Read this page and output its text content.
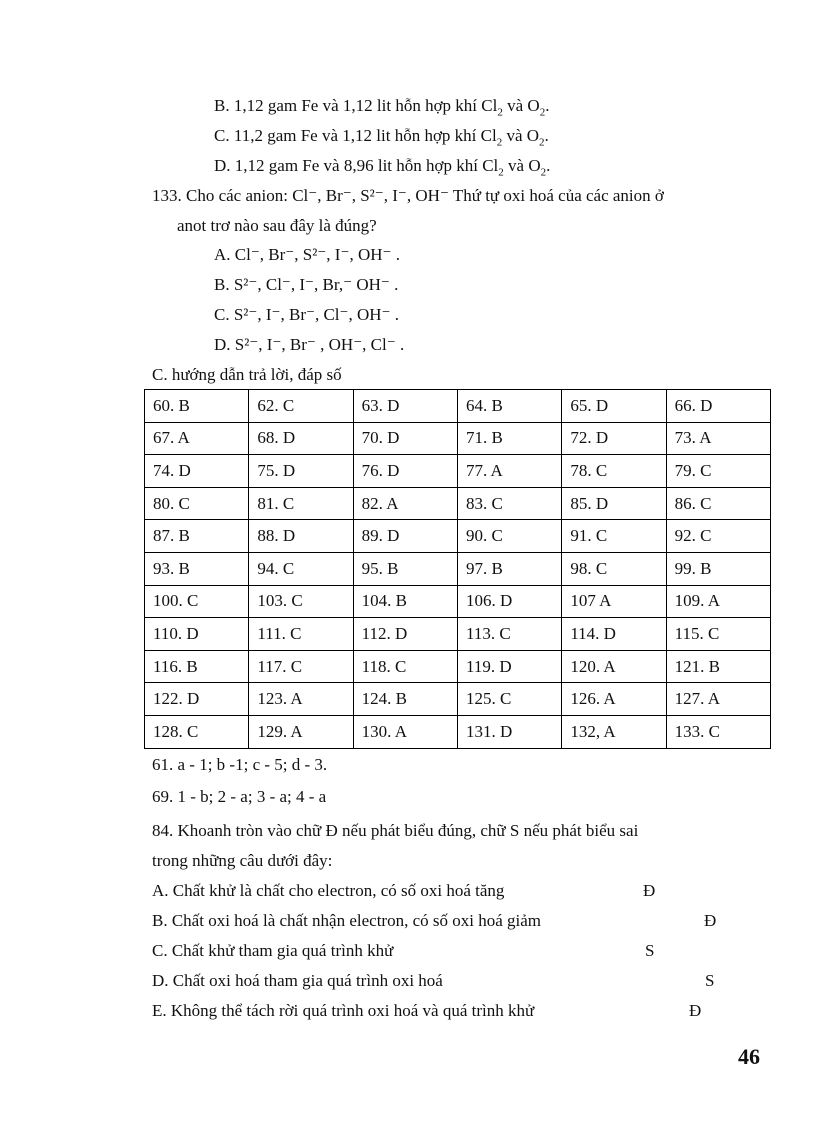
B. 1,12 gam Fe và 1,12 lit hỗn hợp khí $Cl_2$ và $O_2$.
C. 11,2 gam Fe và 1,12 lit hỗn hợp khí $Cl_2$ và $O_2$.
D. 1,12 gam Fe và 8,96 lit hỗn hợp khí $Cl_2$ và $O_2$.
133. Cho các anion: Cl⁻, Br⁻, S²⁻, I⁻, OH⁻ Thứ tự oxi hoá của các anion ở
anot trơ nào sau đây là đúng?
A. Cl⁻, Br⁻, S²⁻, I⁻, OH⁻ .
B. S²⁻, Cl⁻, I⁻, Br,⁻ OH⁻ .
C. S²⁻, I⁻, Br⁻, Cl⁻, OH⁻ .
D. S²⁻, I⁻, Br⁻ , OH⁻, Cl⁻ .
C. hướng dẫn trả lời, đáp số
60. B	62. C	63. D	64. B	65. D	66. D
67. A	68. D	70. D	71. B	72. D	73. A
74. D	75. D	76. D	77. A	78. C	79. C
80. C	81. C	82. A	83. C	85. D	86. C
87. B	88. D	89. D	90. C	91. C	92. C
93. B	94. C	95. B	97. B	98. C	99. B
100. C	103. C	104. B	106. D	107 A	109. A
110. D	111. C	112. D	113. C	114. D	115. C
116. B	117. C	118. C	119. D	120. A	121. B
122. D	123. A	124. B	125. C	126. A	127. A
128. C	129. A	130. A	131. D	132, A	133. C
61. a - 1; b -1; c - 5; d - 3.
69. 1 - b; 2 - a; 3 - a; 4 - a
84. Khoanh tròn vào chữ Đ nếu phát biểu đúng, chữ S nếu phát biểu sai
trong những câu dưới đây:
A. Chất khử là chất cho electron, có số oxi hoá tăng	Đ
B. Chất oxi hoá là chất nhận electron, có số oxi hoá giảm	Đ
C. Chất khử tham gia quá trình khử	S
D. Chất oxi hoá tham gia quá trình oxi hoá	S
E. Không thể tách rời quá trình oxi hoá và quá trình khử	Đ
46
